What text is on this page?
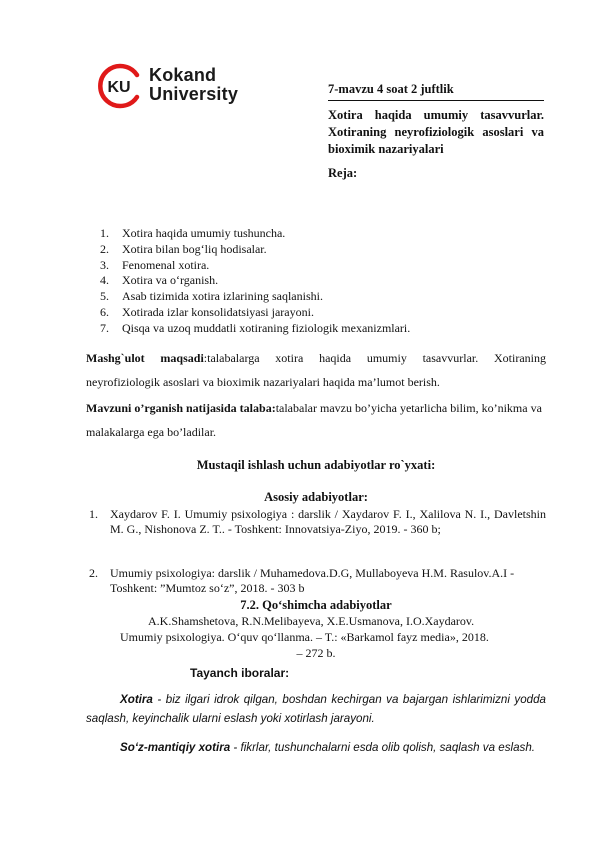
KU
Kokand
University	7-mavzu 4 soat 2 juftlik
Xotira haqida umumiy tasavvurlar. Xotiraning neyrofiziologik asoslari va bioximik nazariyalari
Reja:
1. Xotira haqida umumiy tushuncha.
2. Xotira bilan bog‘liq hodisalar.
3. Fenomenal xotira.
4. Xotira va o‘rganish.
5. Asab tizimida xotira izlarining saqlanishi.
6. Xotirada izlar konsolidatsiyasi jarayoni.
7. Qisqa va uzoq muddatli xotiraning fiziologik mexanizmlari.
Mashg`ulot maqsadi:talabalarga xotira haqida umumiy tasavvurlar. Xotiraning neyrofiziologik asoslari va bioximik nazariyalari haqida ma’lumot berish.
Mavzuni o’rganish natijasida talaba:talabalar mavzu bo’yicha yetarlicha bilim, ko’nikma va malakalarga ega bo’ladilar.
Mustaqil ishlash uchun adabiyotlar ro`yxati:
Asosiy adabiyotlar:
1. Xaydarov F. I. Umumiy psixologiya : darslik / Xaydarov F. I., Xalilova N. I., Davletshin M. G., Nishonova Z. T.. - Toshkent: Innovatsiya-Ziyo, 2019. - 360 b;
2. Umumiy psixologiya: darslik / Muhamedova.D.G, Mullaboyeva H.M. Rasulov.A.I - Toshkent: ”Mumtoz so‘z”, 2018. - 303 b
7.2. Qo‘shimcha adabiyotlar
A.K.Shamshetova, R.N.Melibayeva, X.E.Usmanova, I.O.Xaydarov.
Umumiy psixologiya. O‘quv qo‘llanma. – T.: «Barkamol fayz media», 2018.
– 272 b.
Tayanch iboralar:
Xotira - biz ilgari idrok qilgan, boshdan kechirgan va bajargan ishlarimizni yodda saqlash, keyinchalik ularni eslash yoki xotirlash jarayoni.
So‘z-mantiqiy xotira - fikrlar, tushunchalarni esda olib qolish, saqlash va eslash.
